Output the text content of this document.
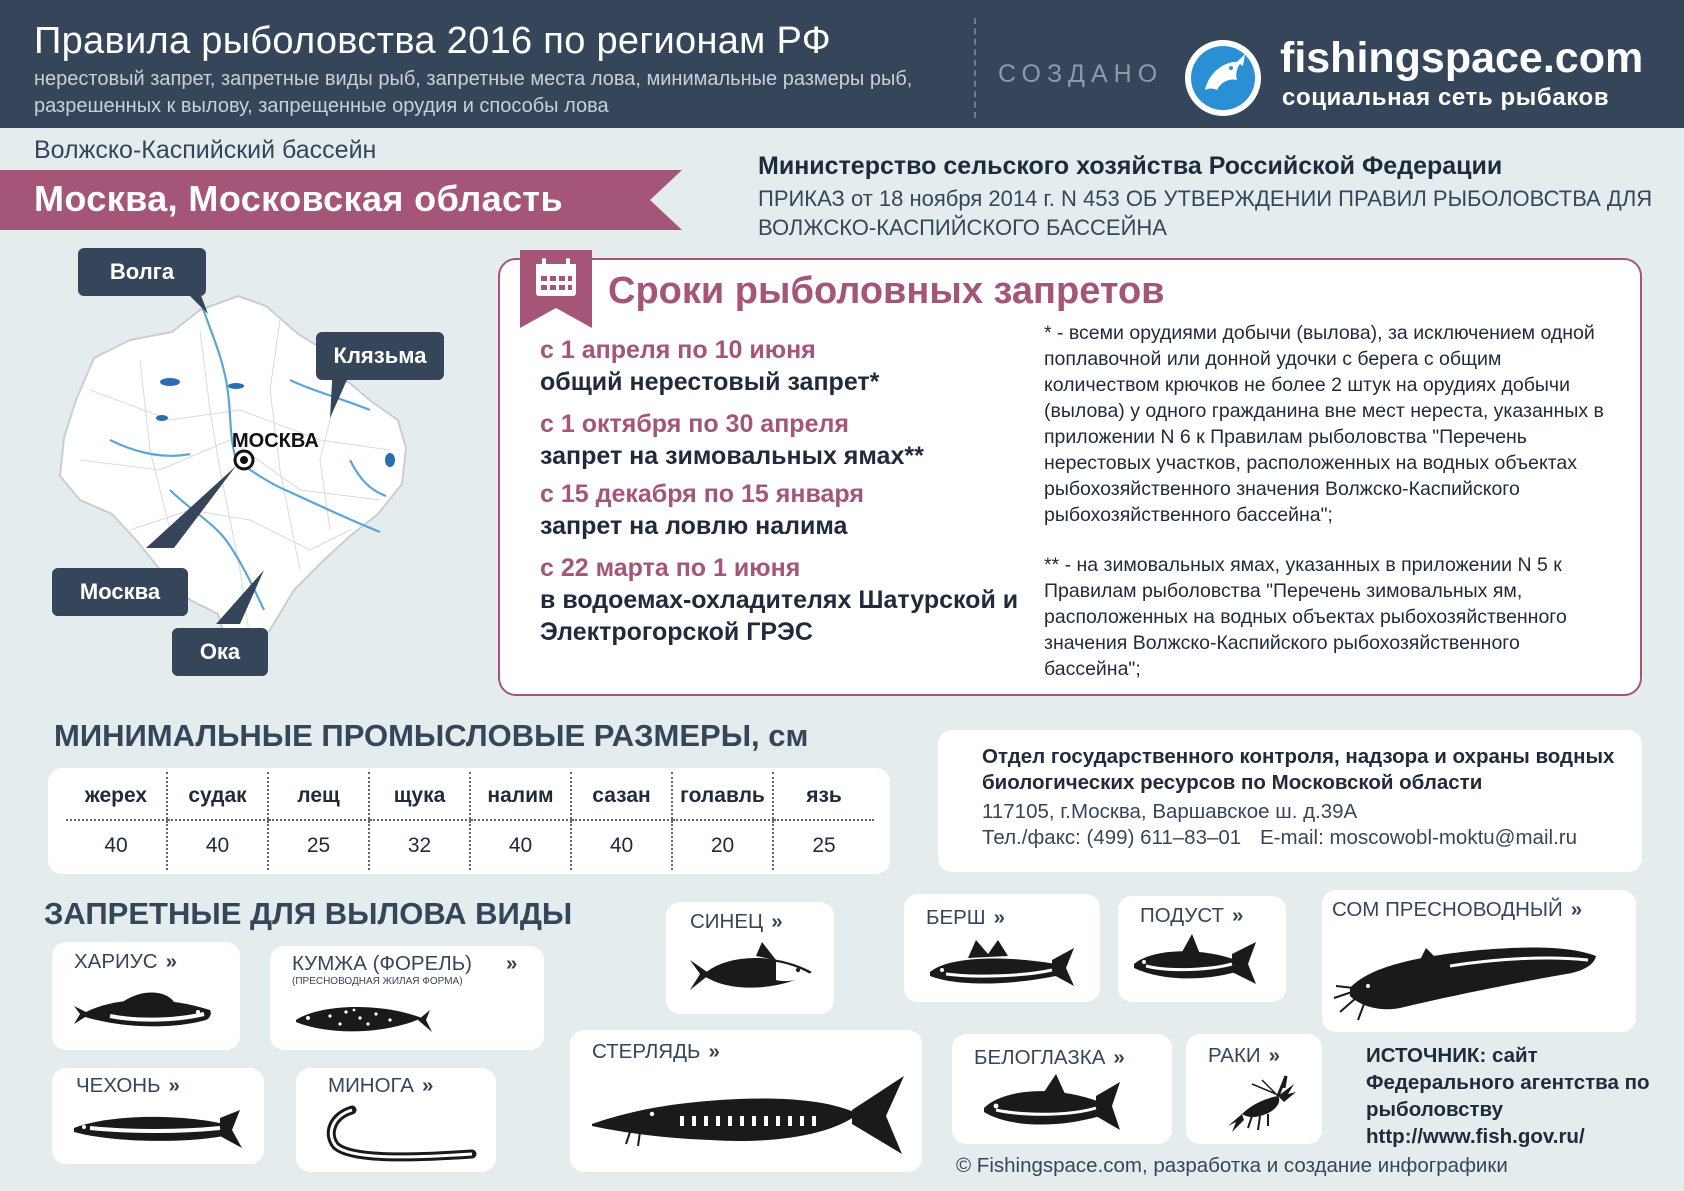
Правила рыболовства 2016 по регионам РФ
нерестовый запрет, запретные виды рыб, запретные места лова, минимальные размеры рыб, разрешенных к вылову, запрещенные орудия и способы лова
СОЗДАНО	fishingspace.com
социальная сеть рыбаков
Волжско-Каспийский бассейн
Москва, Московская область
Министерство сельского хозяйства Российской Федерации
ПРИКАЗ от 18 ноября 2014 г. N 453 ОБ УТВЕРЖДЕНИИ ПРАВИЛ РЫБОЛОВСТВА ДЛЯ ВОЛЖСКО-КАСПИЙСКОГО БАССЕЙНА
МОСКВА
Волга
Клязьма
Москва
Ока
Сроки рыболовных запретов
с 1 апреля по 10 июня
общий нерестовый запрет*
с 1 октября по 30 апреля
запрет на зимовальных ямах**
с 15 декабря по 15 января
запрет на ловлю налима
с 22 марта по 1 июня
в водоемах-охладителях Шатурской и Электрогорской ГРЭС
* - всеми орудиями добычи (вылова), за исключением одной поплавочной или донной удочки с берега с общим количеством крючков не более 2 штук на орудиях добычи (вылова) у одного гражданина вне мест нереста, указанных в приложении N 6 к Правилам рыболовства "Перечень нерестовых участков, расположенных на водных объектах рыбохозяйственного значения Волжско-Каспийского рыбохозяйственного бассейна";
** - на зимовальных ямах, указанных в приложении N 5 к Правилам рыболовства "Перечень зимовальных ям, расположенных на водных объектах рыбохозяйственного значения Волжско-Каспийского рыбохозяйственного бассейна";
МИНИМАЛЬНЫЕ ПРОМЫСЛОВЫЕ РАЗМЕРЫ, см
жерех	судак	лещ	щука	налим	сазан	голавль	язь
40	40	25	32	40	40	20	25
Отдел государственного контроля, надзора и охраны водных биологических ресурсов по Московской области
117105, г.Москва, Варшавское ш. д.39А
Тел./факс: (499) 611–83–01 E-mail: moscowobl-moktu@mail.ru
ЗАПРЕТНЫЕ ДЛЯ ВЫЛОВА ВИДЫ
ХАРИУС »	КУМЖА (ФОРЕЛЬ) »
(ПРЕСНОВОДНАЯ ЖИЛАЯ ФОРМА)
ЧЕХОНЬ »	МИНОГА »
СИНЕЦ »
СТЕРЛЯДЬ »
БЕРШ »	ПОДУСТ »
БЕЛОГЛАЗКА »	РАКИ »
СОМ ПРЕСНОВОДНЫЙ »
ИСТОЧНИК: сайт Федерального агентства по рыболовству http://www.fish.gov.ru/
© Fishingspace.com, разработка и создание инфографики
